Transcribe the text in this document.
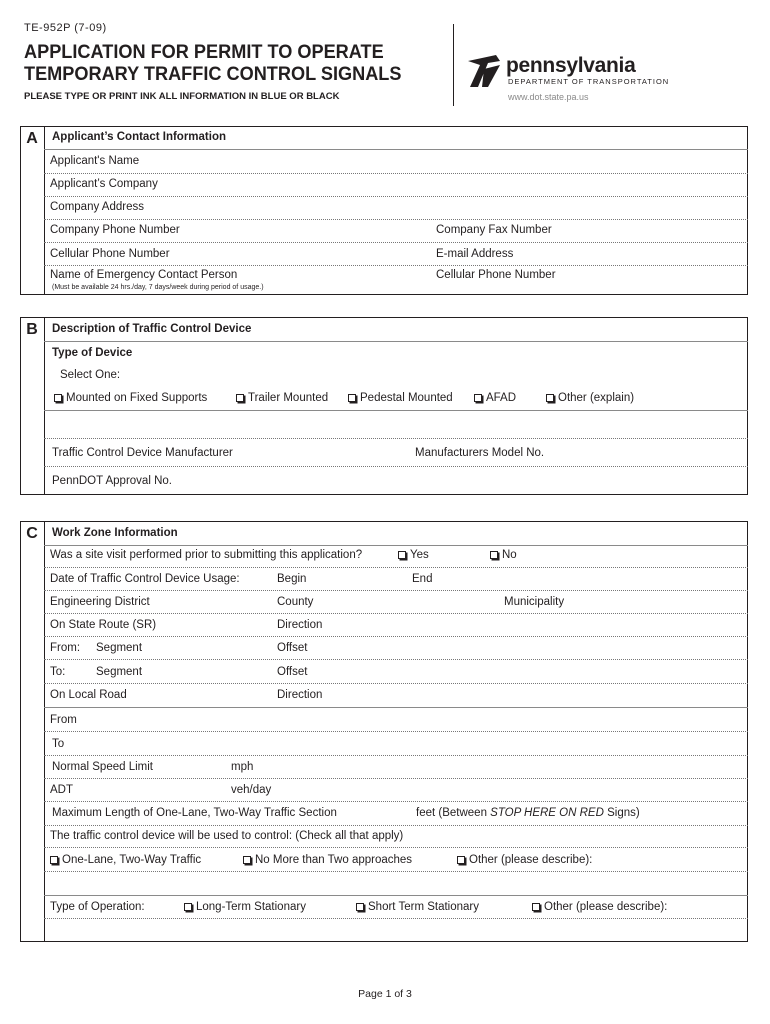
TE-952P (7-09)
APPLICATION FOR PERMIT TO OPERATE TEMPORARY TRAFFIC CONTROL SIGNALS
PLEASE TYPE OR PRINT INK ALL INFORMATION IN BLUE OR BLACK
pennsylvania
DEPARTMENT OF TRANSPORTATION
www.dot.state.pa.us
A	Applicant’s Contact Information
Applicant's Name
Applicant’s Company
Company Address
Company Phone Number	Company Fax Number
Cellular Phone Number	E-mail Address
Name of Emergency Contact Person	Cellular Phone Number
(Must be available 24 hrs./day, 7 days/week during period of usage.)
B	Description of Traffic Control Device
Type of Device
Select One:
Mounted on Fixed Supports	Trailer Mounted	Pedestal Mounted	AFAD	Other (explain)
Traffic Control Device Manufacturer	Manufacturers Model No.
PennDOT Approval No.
C	Work Zone Information
Was a site visit performed prior to submitting this application?	Yes	No
Date of Traffic Control Device Usage:	Begin	End
Engineering District	County	Municipality
On State Route (SR)	Direction
From: Segment	Offset
To:	Segment	Offset
On Local Road	Direction
From
To
Normal Speed Limit	mph
ADT	veh/day
Maximum Length of One-Lane, Two-Way Traffic Section	feet (Between STOP HERE ON RED Signs)
The traffic control device will be used to control: (Check all that apply)
One-Lane, Two-Way Traffic	No More than Two approaches	Other (please describe):
Type of Operation:	Long-Term Stationary	Short Term Stationary	Other (please describe):
Page 1 of 3
